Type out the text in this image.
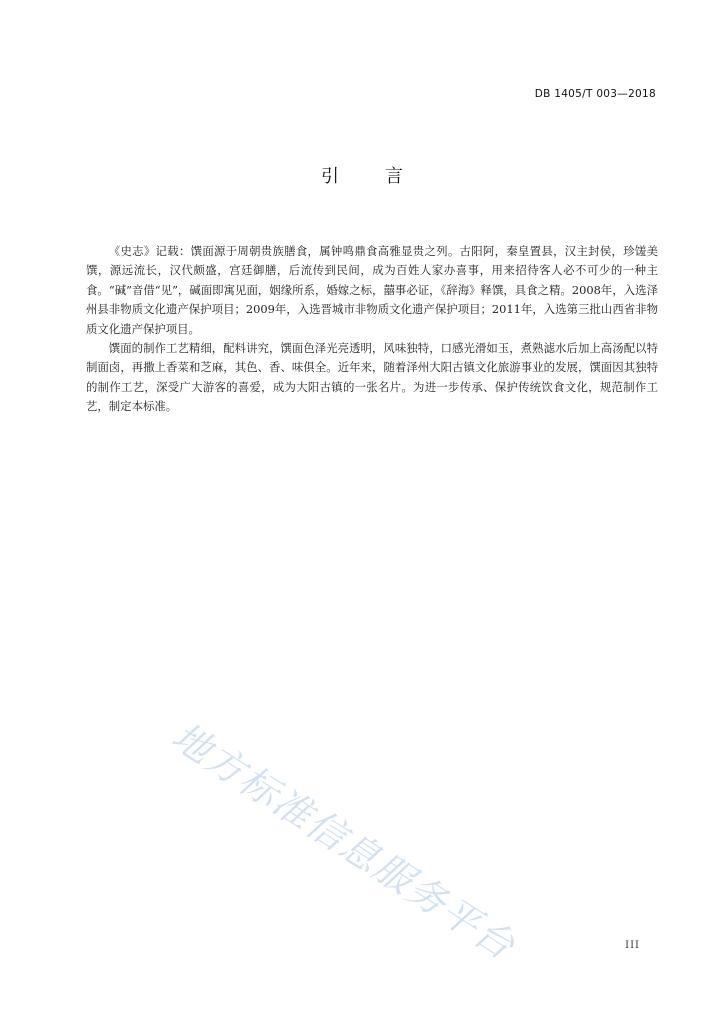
DB 1405/T 003—2018
引	言

《史志》记载：馔面源于周朝贵族膳食，属钟鸣鼎食高雅显贵之列。古阳阿，秦皇置县，汉主封侯，珍馐美馔，源远流长，汉代颇盛，宫廷御膳，后流传到民间，成为百姓人家办喜事，用来招待客人必不可少的一种主食。“碱”音借“见”，碱面即寓见面，姻缘所系，婚嫁之标，囍事必证，《辞海》释馔，具食之精。2008年，入选泽州县非物质文化遗产保护项目；2009年，入选晋城市非物质文化遗产保护项目；2011年，入选第三批山西省非物质文化遗产保护项目。

馔面的制作工艺精细，配料讲究，馔面色泽光亮透明，风味独特，口感光滑如玉，煮熟滤水后加上高汤配以特制面卤，再撒上香菜和芝麻，其色、香、味俱全。近年来，随着泽州大阳古镇文化旅游事业的发展，馔面因其独特的制作工艺，深受广大游客的喜爱，成为大阳古镇的一张名片。为进一步传承、保护传统饮食文化，规范制作工艺，制定本标准。

地方标准信息服务平台	III
